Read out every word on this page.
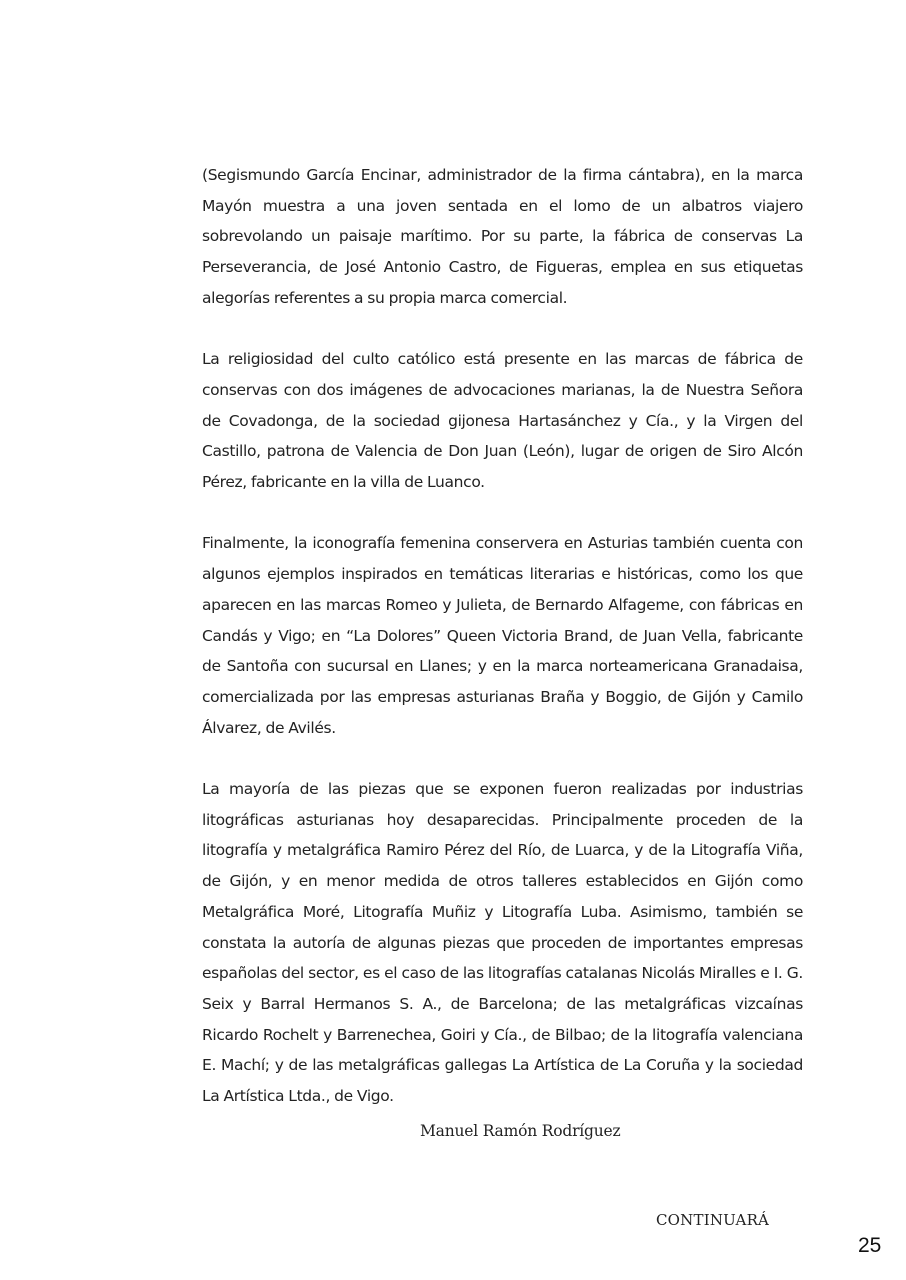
(Segismundo García Encinar, administrador de la firma cántabra), en la marca Mayón muestra a una joven sentada en el lomo de un albatros viajero sobrevolando un paisaje marítimo. Por su parte, la fábrica de conservas La Perseverancia, de José Antonio Castro, de Figueras, emplea en sus etiquetas alegorías referentes a su propia marca comercial.

La religiosidad del culto católico está presente en las marcas de fábrica de conservas con dos imágenes de advocaciones marianas, la de Nuestra Señora de Covadonga, de la sociedad gijonesa Hartasánchez y Cía., y la Virgen del Castillo, patrona de Valencia de Don Juan (León), lugar de origen de Siro Alcón Pérez, fabricante en la villa de Luanco.

Finalmente, la iconografía femenina conservera en Asturias también cuenta con algunos ejemplos inspirados en temáticas literarias e históricas, como los que aparecen en las marcas Romeo y Julieta, de Bernardo Alfageme, con fábricas en Candás y Vigo; en “La Dolores” Queen Victoria Brand, de Juan Vella, fabricante de Santoña con sucursal en Llanes; y en la marca norteamericana Granadaisa, comercializada por las empresas asturianas Braña y Boggio, de Gijón y Camilo Álvarez, de Avilés.

La mayoría de las piezas que se exponen fueron realizadas por industrias litográficas asturianas hoy desaparecidas. Principalmente proceden de la litografía y metalgráfica Ramiro Pérez del Río, de Luarca, y de la Litografía Viña, de Gijón, y en menor medida de otros talleres establecidos en Gijón como Metalgráfica Moré, Litografía Muñiz y Litografía Luba. Asimismo, también se constata la autoría de algunas piezas que proceden de importantes empresas españolas del sector, es el caso de las litografías catalanas Nicolás Miralles e I. G. Seix y Barral Hermanos S. A., de Barcelona; de las metalgráficas vizcaínas Ricardo Rochelt y Barrenechea, Goiri y Cía., de Bilbao; de la litografía valenciana E. Machí; y de las metalgráficas gallegas La Artística de La Coruña y la sociedad La Artística Ltda., de Vigo.

Manuel Ramón Rodríguez
CONTINUARÁ
25
